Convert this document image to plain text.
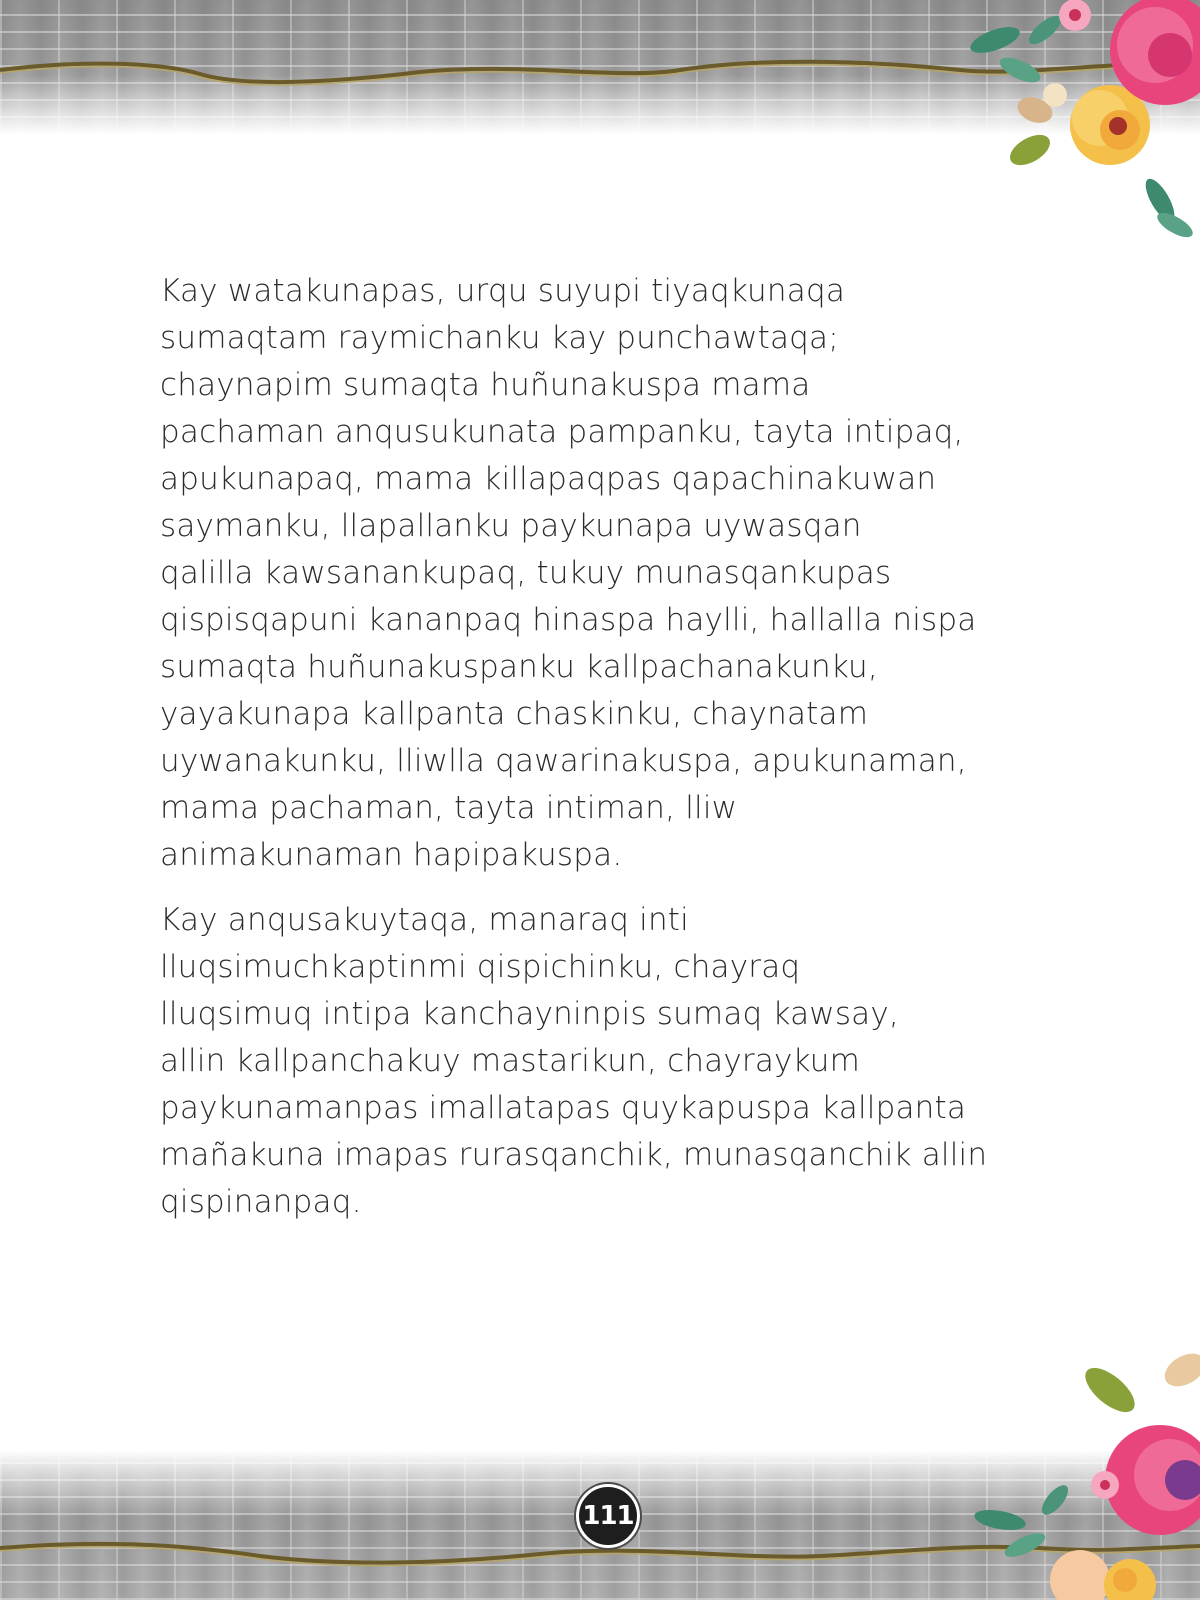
Kay watakunapas, urqu suyupi tiyaqkunaqa
sumaqtam raymichanku kay punchawtaqa;
chaynapim sumaqta huñunakuspa mama
pachaman anqusukunata pampanku, tayta intipaq,
apukunapaq, mama killapaqpas qapachinakuwan
saymanku, llapallanku paykunapa uywasqan
qalilla kawsanankupaq, tukuy munasqankupas
qispisqapuni kananpaq hinaspa haylli, hallalla nispa
sumaqta huñunakuspanku kallpachanakunku,
yayakunapa kallpanta chaskinku, chaynatam
uywanakunku, lliwlla qawarinakuspa, apukunaman,
mama pachaman, tayta intiman, lliw
animakunaman hapipakuspa.

Kay anqusakuytaqa, manaraq inti
lluqsimuchkaptinmi qispichinku, chayraq
lluqsimuq intipa kanchayninpis sumaq kawsay,
allin kallpanchakuy mastarikun, chayraykum
paykunamanpas imallatapas quykapuspa kallpanta
mañakuna imapas rurasqanchik, munasqanchik allin
qispinanpaq.

111
